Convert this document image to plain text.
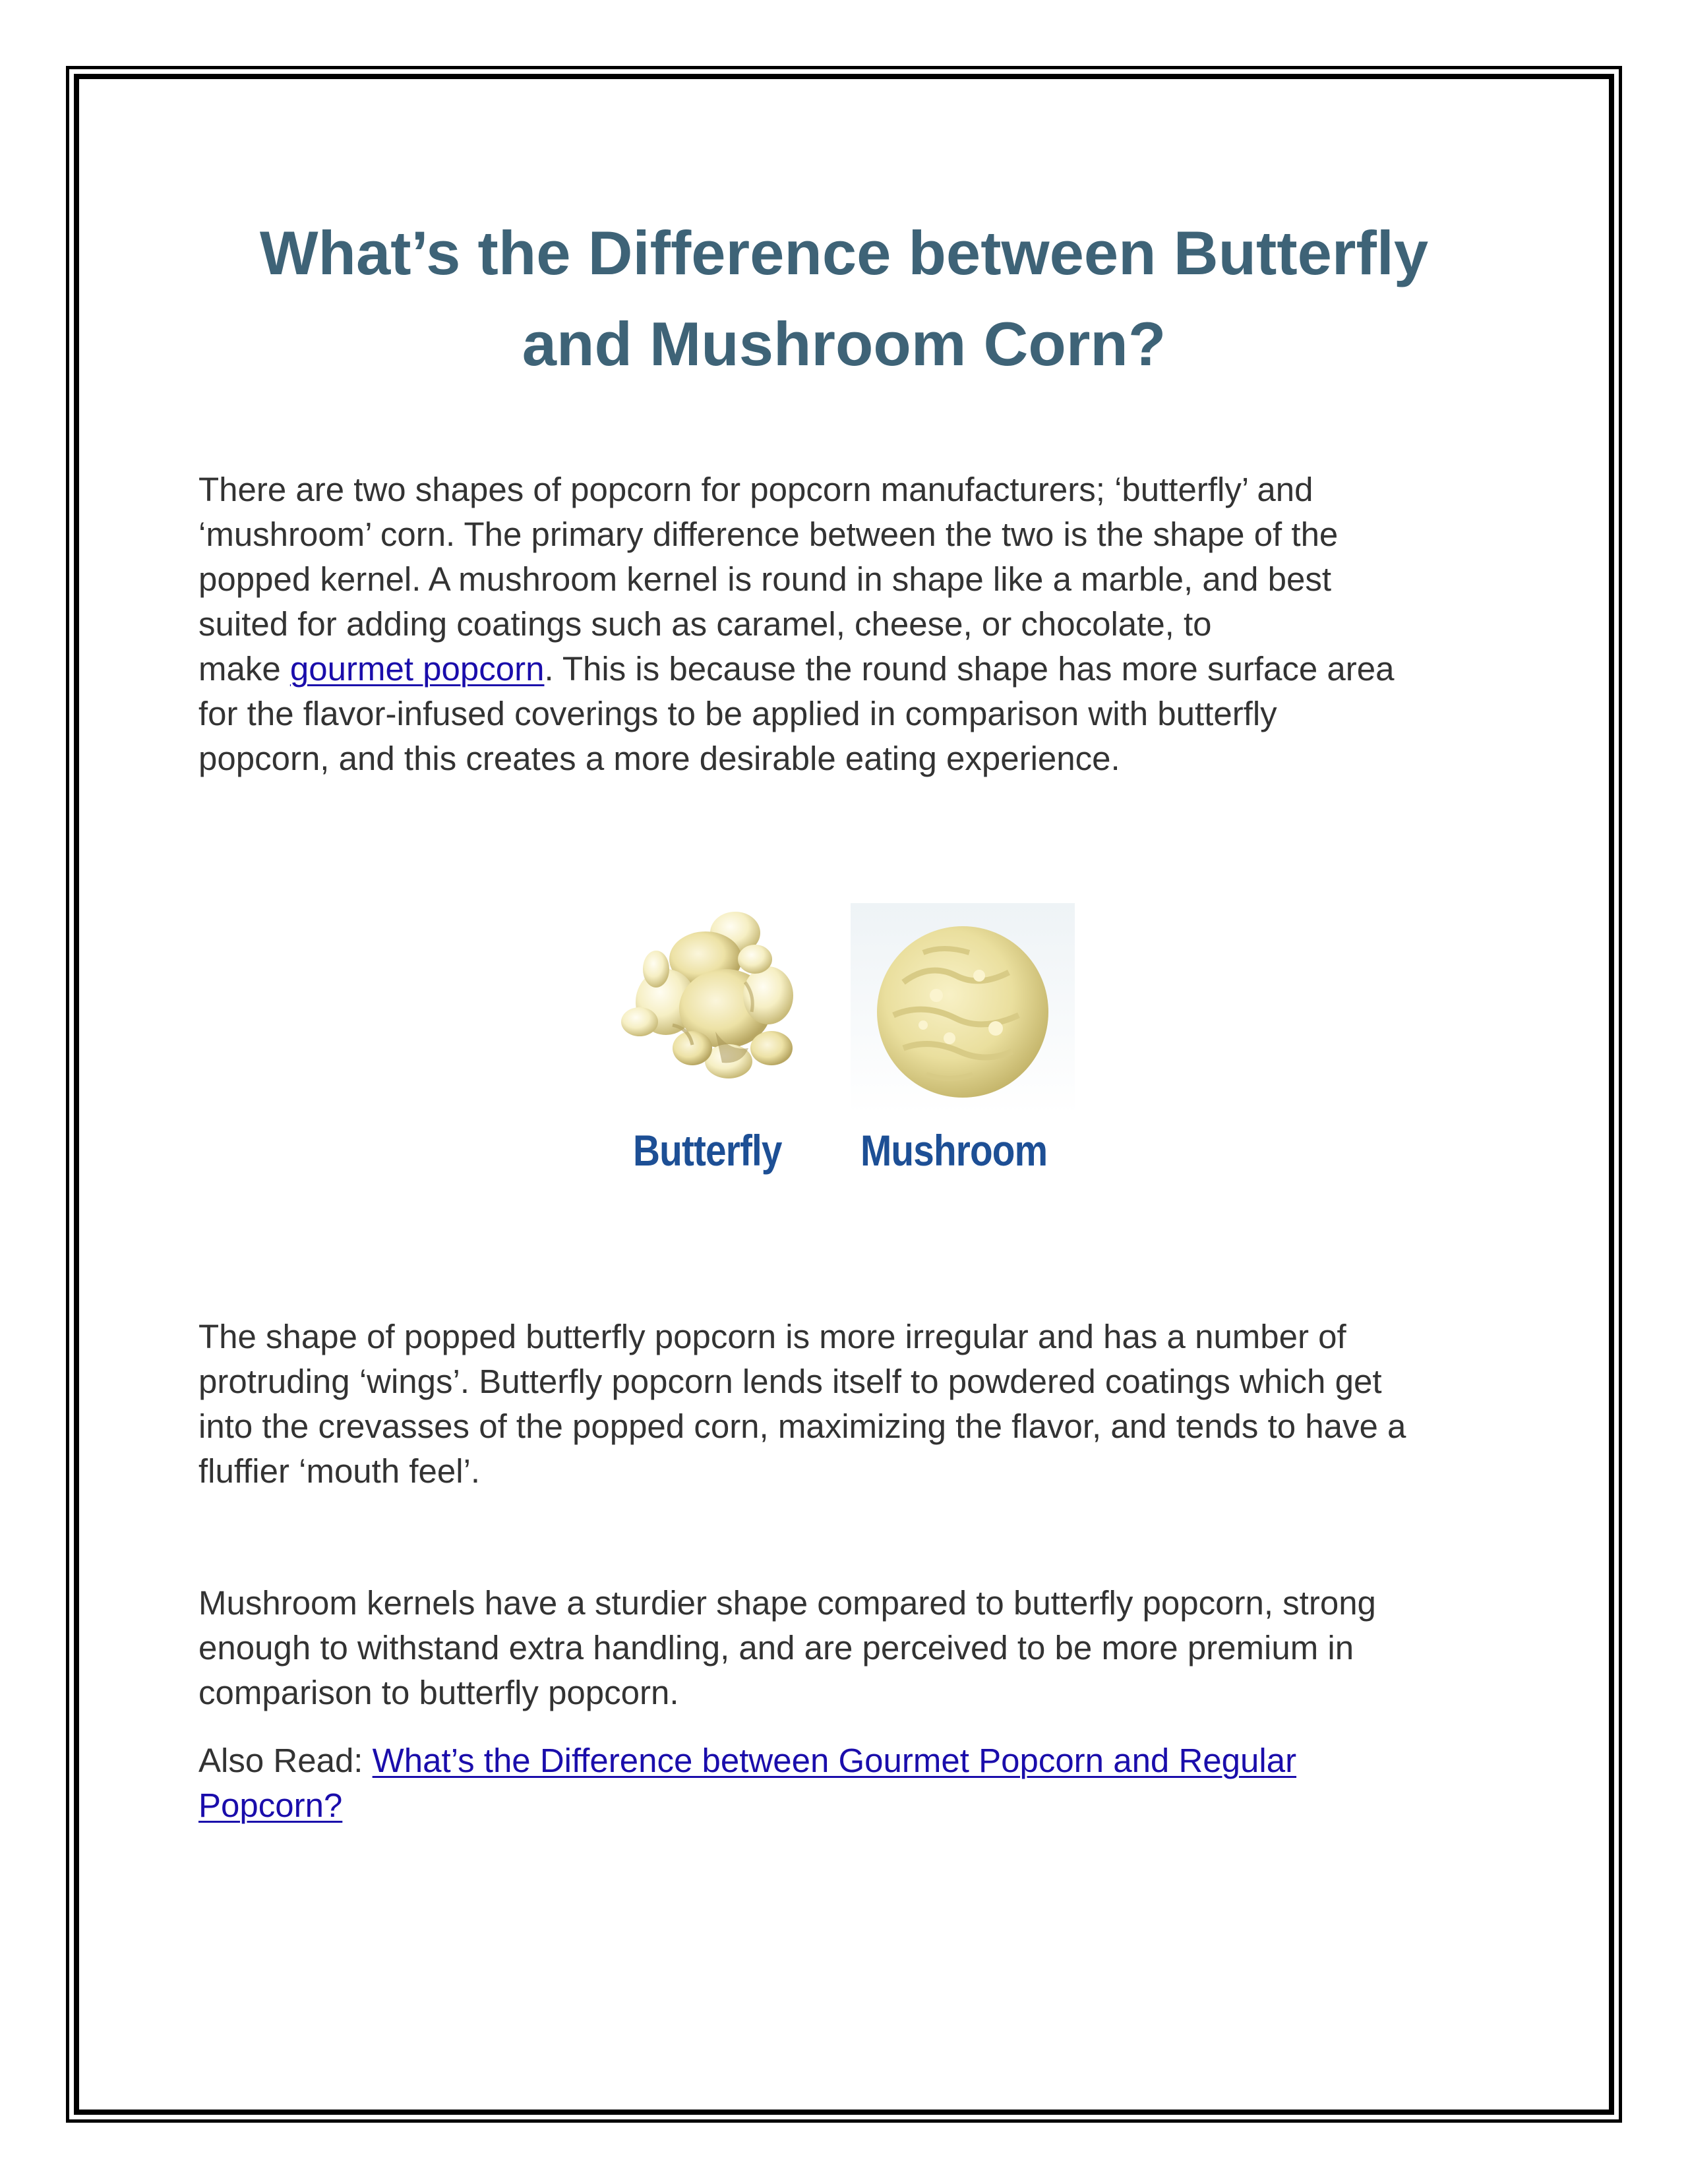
What’s the Difference between Butterfly
and Mushroom Corn?

There are two shapes of popcorn for popcorn manufacturers; ‘butterfly’ and
‘mushroom’ corn. The primary difference between the two is the shape of the
popped kernel. A mushroom kernel is round in shape like a marble, and best
suited for adding coatings such as caramel, cheese, or chocolate, to
make gourmet popcorn. This is because the round shape has more surface area
for the flavor-infused coverings to be applied in comparison with butterfly
popcorn, and this creates a more desirable eating experience.

Butterfly Mushroom

The shape of popped butterfly popcorn is more irregular and has a number of
protruding ‘wings’. Butterfly popcorn lends itself to powdered coatings which get
into the crevasses of the popped corn, maximizing the flavor, and tends to have a
fluffier ‘mouth feel’.

Mushroom kernels have a sturdier shape compared to butterfly popcorn, strong
enough to withstand extra handling, and are perceived to be more premium in
comparison to butterfly popcorn.

Also Read: What’s the Difference between Gourmet Popcorn and Regular
Popcorn?
